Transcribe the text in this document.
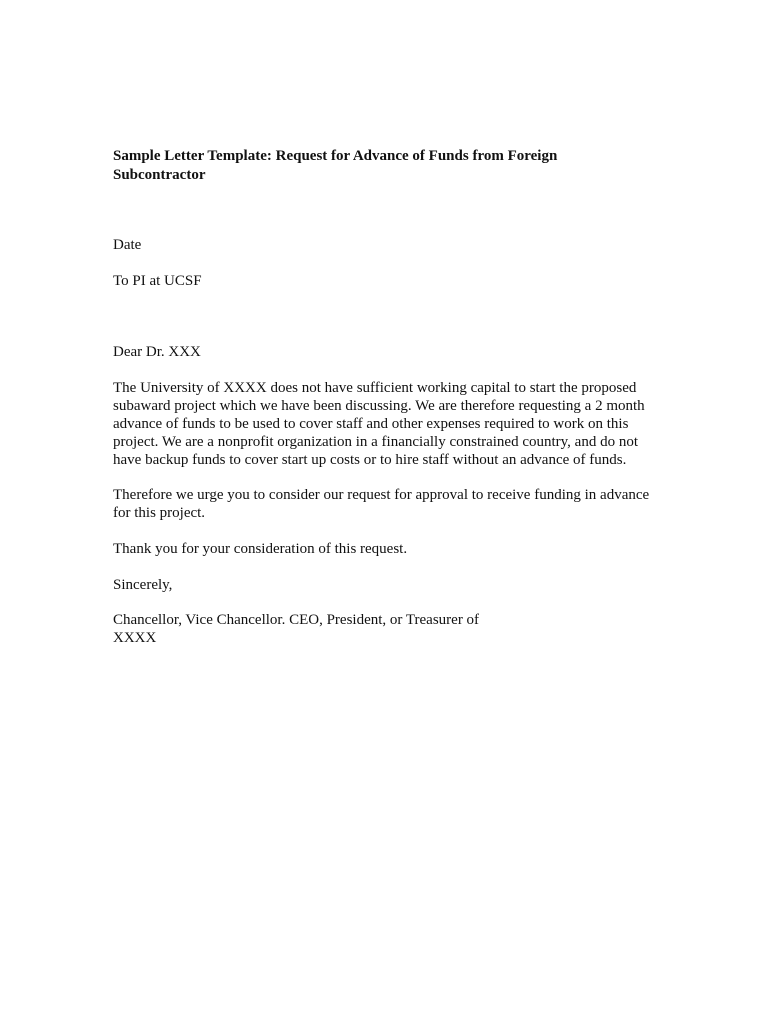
Sample Letter Template: Request for Advance of Funds from Foreign
Subcontractor

Date

To PI at UCSF

Dear Dr. XXX

The University of XXXX does not have sufficient working capital to start the proposed
subaward project which we have been discussing. We are therefore requesting a 2 month
advance of funds to be used to cover staff and other expenses required to work on this
project. We are a nonprofit organization in a financially constrained country, and do not
have backup funds to cover start up costs or to hire staff without an advance of funds.

Therefore we urge you to consider our request for approval to receive funding in advance
for this project.

Thank you for your consideration of this request.

Sincerely,

Chancellor, Vice Chancellor. CEO, President, or Treasurer of
XXXX
